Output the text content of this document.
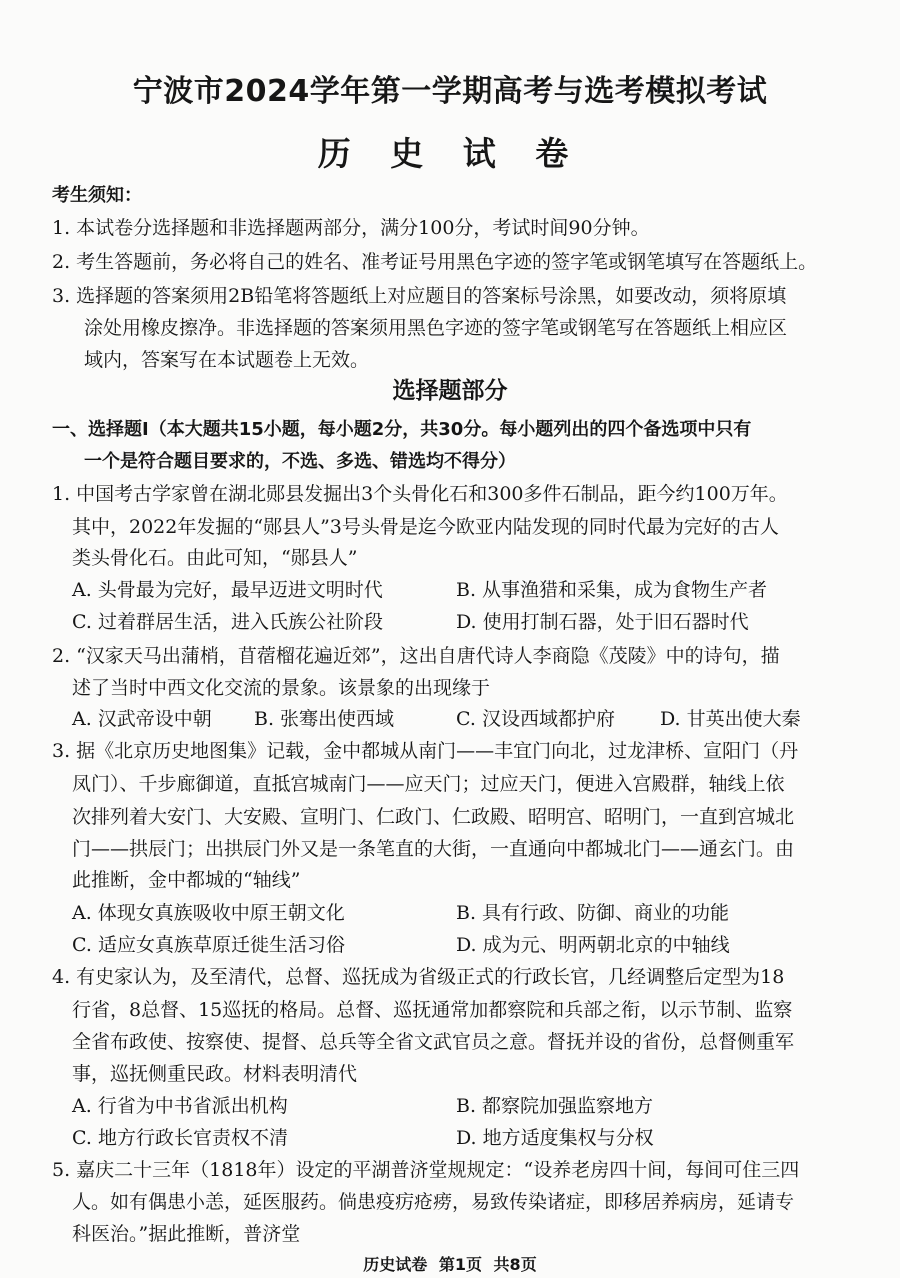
宁波市2024学年第一学期高考与选考模拟考试
历 史 试 卷

考生须知：

1. 本试卷分选择题和非选择题两部分，满分100分，考试时间90分钟。

2. 考生答题前，务必将自己的姓名、准考证号用黑色字迹的签字笔或钢笔填写在答题纸上。

3. 选择题的答案须用2B铅笔将答题纸上对应题目的答案标号涂黑，如要改动，须将原填

涂处用橡皮擦净。非选择题的答案须用黑色字迹的签字笔或钢笔写在答题纸上相应区

域内，答案写在本试题卷上无效。

选择题部分

一、选择题Ⅰ（本大题共15小题，每小题2分，共30分。每小题列出的四个备选项中只有

一个是符合题目要求的，不选、多选、错选均不得分）

1. 中国考古学家曾在湖北郧县发掘出3个头骨化石和300多件石制品，距今约100万年。

其中，2022年发掘的“郧县人”3号头骨是迄今欧亚内陆发现的同时代最为完好的古人

类头骨化石。由此可知，“郧县人”

A. 头骨最为完好，最早迈进文明时代	B. 从事渔猎和采集，成为食物生产者
C. 过着群居生活，进入氏族公社阶段	D. 使用打制石器，处于旧石器时代

2. “汉家天马出蒲梢，苜蓿榴花遍近郊”，这出自唐代诗人李商隐《茂陵》中的诗句，描

述了当时中西文化交流的景象。该景象的出现缘于

A. 汉武帝设中朝 B. 张骞出使西域	C. 汉设西域都护府 D. 甘英出使大秦

3. 据《北京历史地图集》记载，金中都城从南门——丰宜门向北，过龙津桥、宣阳门（丹

凤门）、千步廊御道，直抵宫城南门——应天门；过应天门，便进入宫殿群，轴线上依

次排列着大安门、大安殿、宣明门、仁政门、仁政殿、昭明宫、昭明门，一直到宫城北

门——拱辰门；出拱辰门外又是一条笔直的大街，一直通向中都城北门——通玄门。由

此推断，金中都城的“轴线”

A. 体现女真族吸收中原王朝文化	B. 具有行政、防御、商业的功能
C. 适应女真族草原迁徙生活习俗	D. 成为元、明两朝北京的中轴线

4. 有史家认为，及至清代，总督、巡抚成为省级正式的行政长官，几经调整后定型为18

行省，8总督、15巡抚的格局。总督、巡抚通常加都察院和兵部之衔，以示节制、监察

全省布政使、按察使、提督、总兵等全省文武官员之意。督抚并设的省份，总督侧重军

事，巡抚侧重民政。材料表明清代

A. 行省为中书省派出机构	B. 都察院加强监察地方
C. 地方行政长官责权不清	D. 地方适度集权与分权

5. 嘉庆二十三年（1818年）设定的平湖普济堂规规定：“设养老房四十间，每间可住三四

人。如有偶患小恙，延医服药。倘患疫疠疮痨，易致传染诸症，即移居养病房，延请专

科医治。”据此推断，普济堂

历史试卷 第1页 共8页
